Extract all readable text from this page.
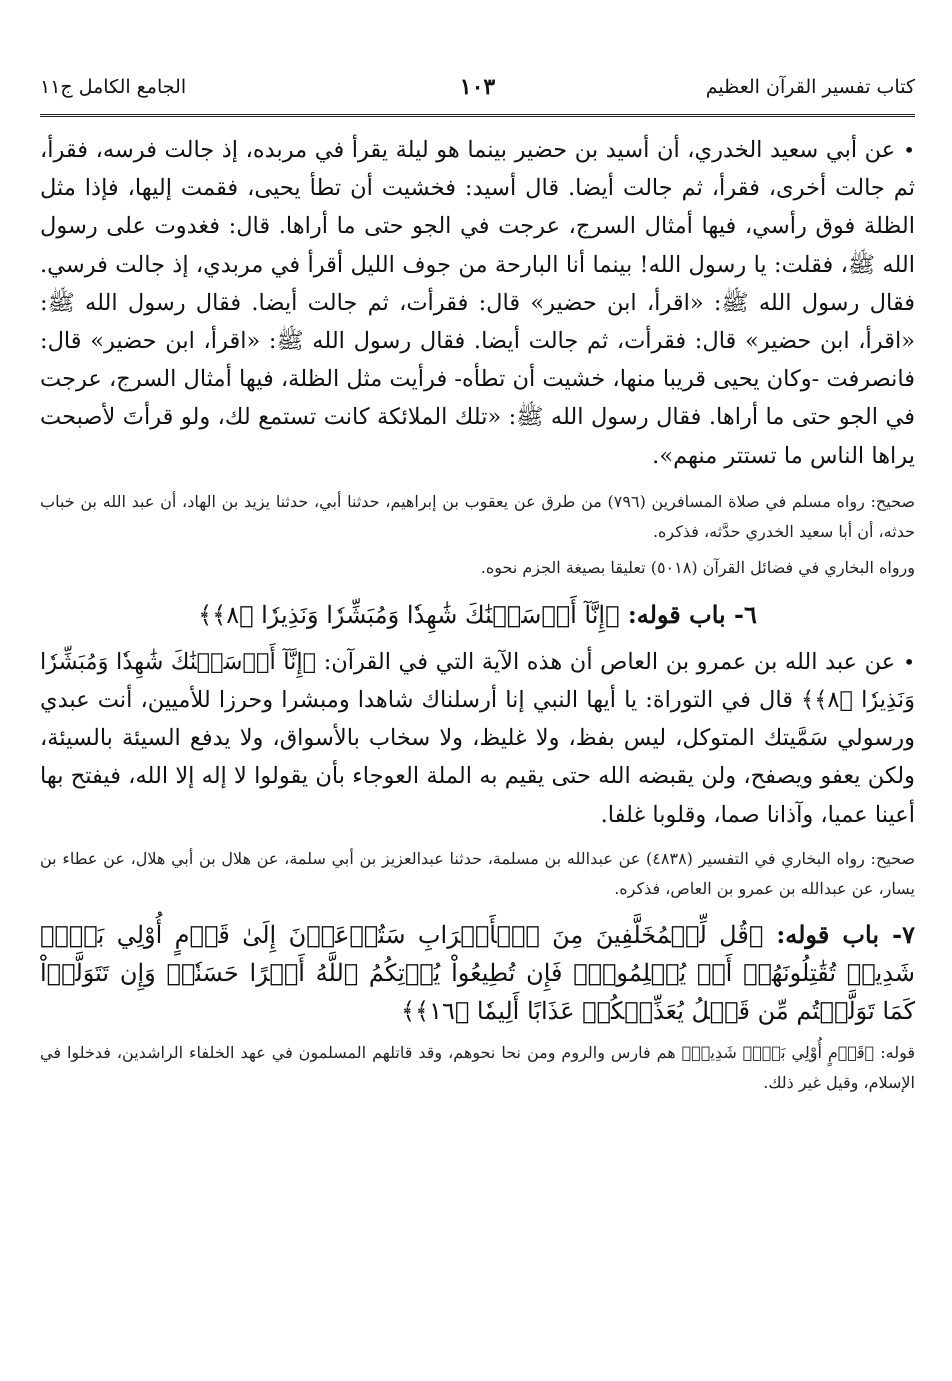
كتاب تفسير القرآن العظيم
١٠٣
الجامع الكامل ج١١

•عن أبي سعيد الخدري، أن أسيد بن حضير بينما هو ليلة يقرأ في مربده، إذ جالت فرسه، فقرأ، ثم جالت أخرى، فقرأ، ثم جالت أيضا. قال أسيد: فخشيت أن تطأ يحيى، فقمت إليها، فإذا مثل الظلة فوق رأسي، فيها أمثال السرج، عرجت في الجو حتى ما أراها. قال: فغدوت على رسول الله ﷺ، فقلت: يا رسول الله! بينما أنا البارحة من جوف الليل أقرأ في مربدي، إذ جالت فرسي. فقال رسول الله ﷺ: «اقرأ، ابن حضير» قال: فقرأت، ثم جالت أيضا. فقال رسول الله ﷺ: «اقرأ، ابن حضير» قال: فقرأت، ثم جالت أيضا. فقال رسول الله ﷺ: «اقرأ، ابن حضير» قال: فانصرفت -وكان يحيى قريبا منها، خشيت أن تطأه- فرأيت مثل الظلة، فيها أمثال السرج، عرجت في الجو حتى ما أراها. فقال رسول الله ﷺ: «تلك الملائكة كانت تستمع لك، ولو قرأتَ لأصبحت يراها الناس ما تستتر منهم».

صحيح: رواه مسلم في صلاة المسافرين (٧٩٦) من طرق عن يعقوب بن إبراهيم، حدثنا أبي، حدثنا يزيد بن الهاد، أن عبد الله بن خباب حدثه، أن أبا سعيد الخدري حدَّثه، فذكره.

ورواه البخاري في فضائل القرآن (٥٠١٨) تعليقا بصيغة الجزم نحوه.

٦- باب قوله: ﴿إِنَّآ أَرۡسَلۡنَٰكَ شَٰهِدٗا وَمُبَشِّرٗا وَنَذِيرٗا ﴿٨﴾﴾

•عن عبد الله بن عمرو بن العاص أن هذه الآية التي في القرآن: ﴿إِنَّآ أَرۡسَلۡنَٰكَ شَٰهِدٗا وَمُبَشِّرٗا وَنَذِيرٗا ﴿٨﴾﴾ قال في التوراة: يا أيها النبي إنا أرسلناك شاهدا ومبشرا وحرزا للأميين، أنت عبدي ورسولي سَمَّيتك المتوكل، ليس بفظ، ولا غليظ، ولا سخاب بالأسواق، ولا يدفع السيئة بالسيئة، ولكن يعفو ويصفح، ولن يقبضه الله حتى يقيم به الملة العوجاء بأن يقولوا لا إله إلا الله، فيفتح بها أعينا عميا، وآذانا صما، وقلوبا غلفا.

صحيح: رواه البخاري في التفسير (٤٨٣٨) عن عبدالله بن مسلمة، حدثنا عبدالعزيز بن أبي سلمة، عن هلال بن أبي هلال، عن عطاء بن يسار، عن عبدالله بن عمرو بن العاص، فذكره.

٧- باب قوله: ﴿قُل لِّلۡمُخَلَّفِينَ مِنَ ٱلۡأَعۡرَابِ سَتُدۡعَوۡنَ إِلَىٰ قَوۡمٍ أُوْلِي بَأۡسٖ شَدِيدٖ تُقَٰتِلُونَهُمۡ أَوۡ يُسۡلِمُونَۖ فَإِن تُطِيعُواْ يُؤۡتِكُمُ ٱللَّهُ أَجۡرًا حَسَنٗاۖ وَإِن تَتَوَلَّوۡاْ كَمَا تَوَلَّيۡتُم مِّن قَبۡلُ يُعَذِّبۡكُمۡ عَذَابًا أَلِيمٗا ﴿١٦﴾﴾

قوله: ﴿قَوۡمٍ أُوْلِي بَأۡسٖ شَدِيدٖ﴾ هم فارس والروم ومن نحا نحوهم، وقد قاتلهم المسلمون في عهد الخلفاء الراشدين، فدخلوا في الإسلام، وقيل غير ذلك.
